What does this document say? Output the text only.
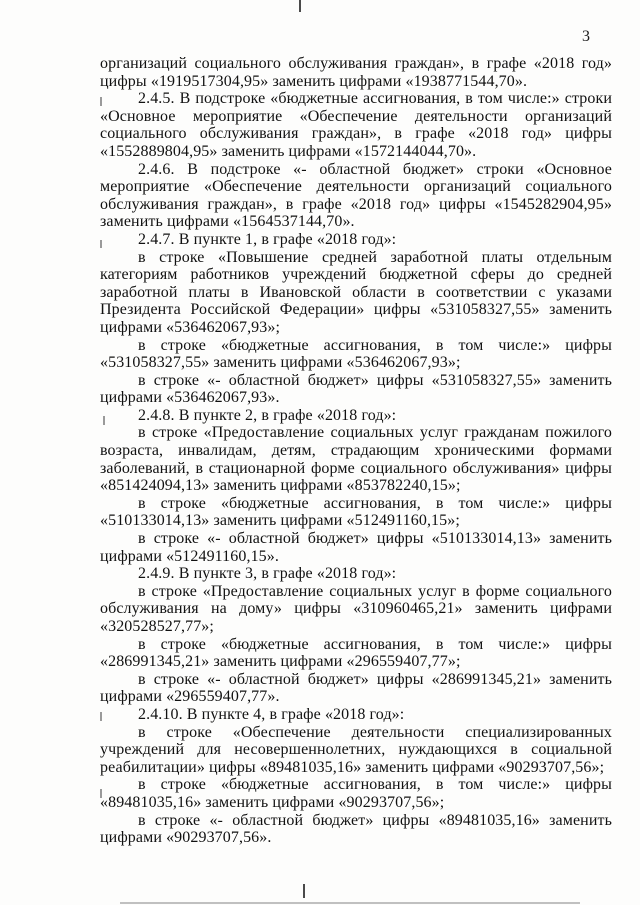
3

организаций социального обслуживания граждан», в графе «2018 год» цифры «1919517304,95» заменить цифрами «1938771544,70».

2.4.5. В подстроке «бюджетные ассигнования, в том числе:» строки «Основное мероприятие «Обеспечение деятельности организаций социального обслуживания граждан», в графе «2018 год» цифры «1552889804,95» заменить цифрами «1572144044,70».

2.4.6. В подстроке «- областной бюджет» строки «Основное мероприятие «Обеспечение деятельности организаций социального обслуживания граждан», в графе «2018 год» цифры «1545282904,95» заменить цифрами «1564537144,70».

2.4.7. В пункте 1, в графе «2018 год»:

в строке «Повышение средней заработной платы отдельным категориям работников учреждений бюджетной сферы до средней заработной платы в Ивановской области в соответствии с указами Президента Российской Федерации» цифры «531058327,55» заменить цифрами «536462067,93»;

в строке «бюджетные ассигнования, в том числе:» цифры «531058327,55» заменить цифрами «536462067,93»;

в строке «- областной бюджет» цифры «531058327,55» заменить цифрами «536462067,93».

2.4.8. В пункте 2, в графе «2018 год»:

в строке «Предоставление социальных услуг гражданам пожилого возраста, инвалидам, детям, страдающим хроническими формами заболеваний, в стационарной форме социального обслуживания» цифры «851424094,13» заменить цифрами «853782240,15»;

в строке «бюджетные ассигнования, в том числе:» цифры «510133014,13» заменить цифрами «512491160,15»;

в строке «- областной бюджет» цифры «510133014,13» заменить цифрами «512491160,15».

2.4.9. В пункте 3, в графе «2018 год»:

в строке «Предоставление социальных услуг в форме социального обслуживания на дому» цифры «310960465,21» заменить цифрами «320528527,77»;

в строке «бюджетные ассигнования, в том числе:» цифры «286991345,21» заменить цифрами «296559407,77»;

в строке «- областной бюджет» цифры «286991345,21» заменить цифрами «296559407,77».

2.4.10. В пункте 4, в графе «2018 год»:

в строке «Обеспечение деятельности специализированных учреждений для несовершеннолетних, нуждающихся в социальной реабилитации» цифры «89481035,16» заменить цифрами «90293707,56»;

в строке «бюджетные ассигнования, в том числе:» цифры «89481035,16» заменить цифрами «90293707,56»;

в строке «- областной бюджет» цифры «89481035,16» заменить цифрами «90293707,56».
